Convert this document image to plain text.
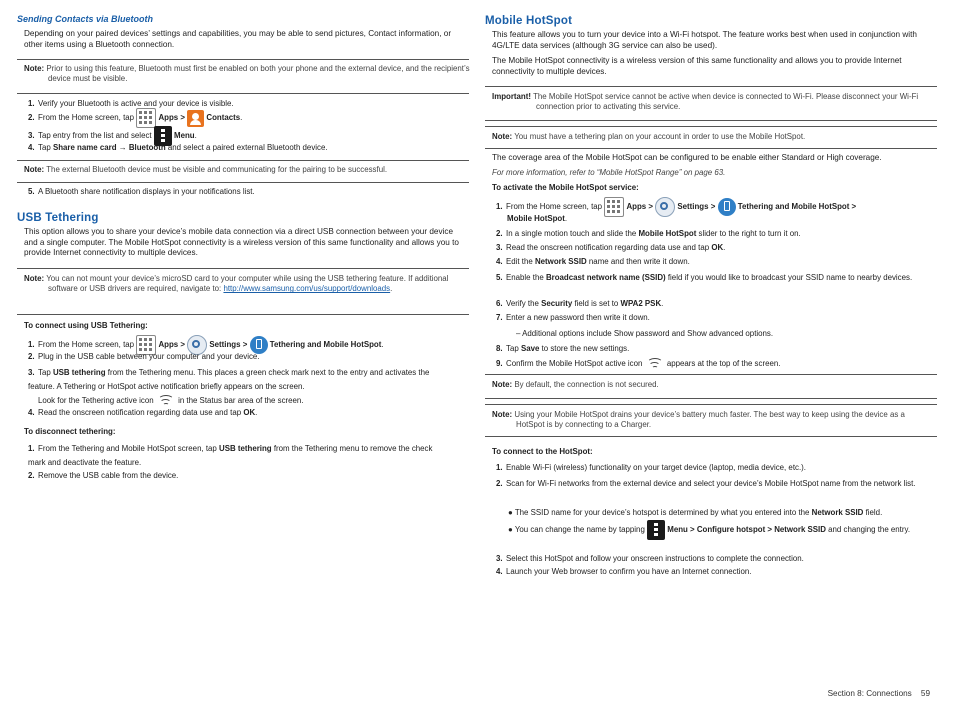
Sending Contacts via Bluetooth
Depending on your paired devices’ settings and capabilities, you may be able to send pictures, Contact information, or other items using a Bluetooth connection.
Note: Prior to using this feature, Bluetooth must first be enabled on both your phone and the external device, and the recipient’s device must be visible.
1. Verify your Bluetooth is active and your device is visible.
2. From the Home screen, tap	Apps >	Contacts.
3. Tap entry from the list and select	Menu.
4. Tap Share name card → Bluetooth and select a paired external Bluetooth device.
Note: The external Bluetooth device must be visible and communicating for the pairing to be successful.
5. A Bluetooth share notification displays in your notifications list.
USB Tethering
This option allows you to share your device’s mobile data connection via a direct USB connection between your device and a single computer. The Mobile HotSpot connectivity is a wireless version of this same functionality and allows you to provide Internet connectivity to multiple devices.
Note: You can not mount your device’s microSD card to your computer while using the USB tethering feature. If additional software or USB drivers are required, navigate to: http://www.samsung.com/us/support/downloads.
To connect using USB Tethering:
1. From the Home screen, tap	Apps >	Settings >	Tethering and Mobile HotSpot.
2. Plug in the USB cable between your computer and your device.
3. Tap USB tethering from the Tethering menu. This places a green check mark next to the entry and activates the feature. A Tethering or HotSpot active notification briefly appears on the screen.
Look for the Tethering active icon	in the Status bar area of the screen.
4. Read the onscreen notification regarding data use and tap OK.
To disconnect tethering:
1. From the Tethering and Mobile HotSpot screen, tap USB tethering from the Tethering menu to remove the check mark and deactivate the feature.
2. Remove the USB cable from the device.
Mobile HotSpot
This feature allows you to turn your device into a Wi-Fi hotspot. The feature works best when used in conjunction with 4G/LTE data services (although 3G service can also be used).
The Mobile HotSpot connectivity is a wireless version of this same functionality and allows you to provide Internet connectivity to multiple devices.
Important! The Mobile HotSpot service cannot be active when device is connected to Wi-Fi. Please disconnect your Wi-Fi connection prior to activating this service.
Note: You must have a tethering plan on your account in order to use the Mobile HotSpot.
The coverage area of the Mobile HotSpot can be configured to be enable either Standard or High coverage.
For more information, refer to “Mobile HotSpot Range” on page 63.
To activate the Mobile HotSpot service:
1. From the Home screen, tap	Apps >	Settings >	Tethering and Mobile HotSpot >
Mobile HotSpot.
2. In a single motion touch and slide the Mobile HotSpot slider to the right to turn it on.
3. Read the onscreen notification regarding data use and tap OK.
4. Edit the Network SSID name and then write it down.
5. Enable the Broadcast network name (SSID) field if you would like to broadcast your SSID name to nearby devices.
6. Verify the Security field is set to WPA2 PSK.
7. Enter a new password then write it down.
– Additional options include Show password and Show advanced options.
8. Tap Save to store the new settings.
9. Confirm the Mobile HotSpot active icon	appears at the top of the screen.
Note: By default, the connection is not secured.
Note: Using your Mobile HotSpot drains your device’s battery much faster. The best way to keep using the device as a HotSpot is by connecting to a Charger.
To connect to the HotSpot:
1. Enable Wi-Fi (wireless) functionality on your target device (laptop, media device, etc.).
2. Scan for Wi-Fi networks from the external device and select your device’s Mobile HotSpot name from the network list.
● The SSID name for your device’s hotspot is determined by what you entered into the Network SSID field.
● You can change the name by tapping	Menu > Configure hotspot > Network SSID and changing the entry.
3. Select this HotSpot and follow your onscreen instructions to complete the connection.
4. Launch your Web browser to confirm you have an Internet connection.
Section 8: Connections 59
